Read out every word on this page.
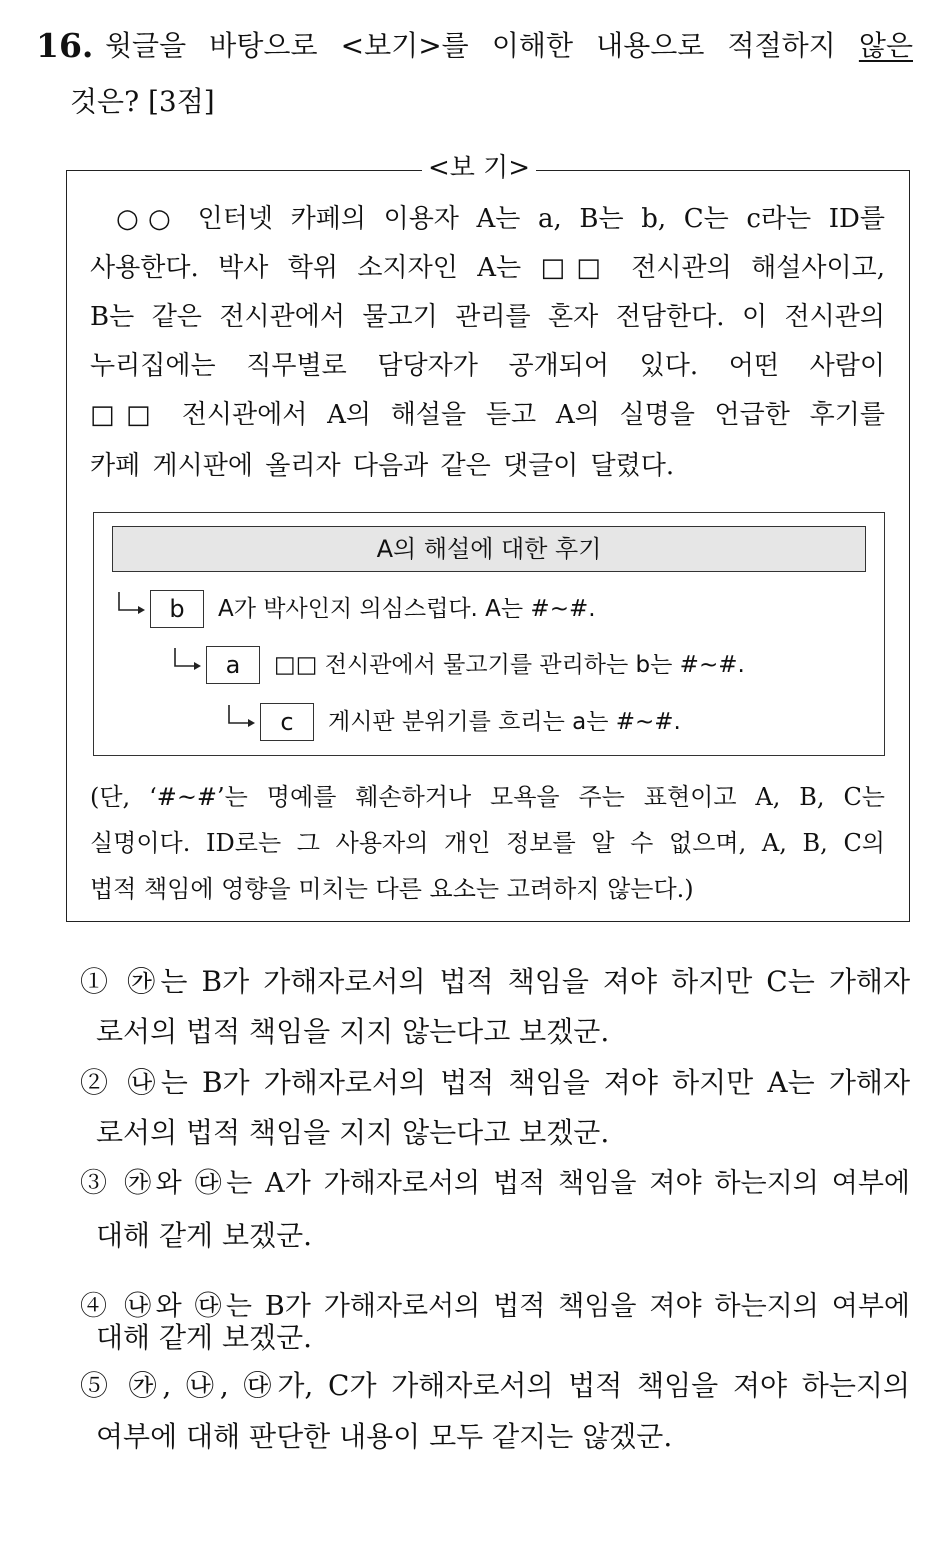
16. 윗글을 바탕으로 <보기>를 이해한 내용으로 적절하지 않은
것은? [3점]
<보 기>
○○ 인터넷 카페의 이용자 A는 a, B는 b, C는 c라는 ID를
사용한다. 박사 학위 소지자인 A는 □□ 전시관의 해설사이고,
B는 같은 전시관에서 물고기 관리를 혼자 전담한다. 이 전시관의
누리집에는 직무별로 담당자가 공개되어 있다. 어떤 사람이
□□ 전시관에서 A의 해설을 듣고 A의 실명을 언급한 후기를
카페 게시판에 올리자 다음과 같은 댓글이 달렸다.
A의 해설에 대한 후기
b	A가 박사인지 의심스럽다. A는 #~#.
a	□□ 전시관에서 물고기를 관리하는 b는 #~#.
c	게시판 분위기를 흐리는 a는 #~#.
(단, ‘#~#’는 명예를 훼손하거나 모욕을 주는 표현이고 A, B, C는
실명이다. ID로는 그 사용자의 개인 정보를 알 수 없으며, A, B, C의
법적 책임에 영향을 미치는 다른 요소는 고려하지 않는다.)
① ㉮는 B가 가해자로서의 법적 책임을 져야 하지만 C는 가해자
로서의 법적 책임을 지지 않는다고 보겠군.
② ㉯는 B가 가해자로서의 법적 책임을 져야 하지만 A는 가해자
로서의 법적 책임을 지지 않는다고 보겠군.
③ ㉮와 ㉰는 A가 가해자로서의 법적 책임을 져야 하는지의 여부에
대해 같게 보겠군.
④ ㉯와 ㉰는 B가 가해자로서의 법적 책임을 져야 하는지의 여부에
대해 같게 보겠군.
⑤ ㉮, ㉯, ㉰가, C가 가해자로서의 법적 책임을 져야 하는지의
여부에 대해 판단한 내용이 모두 같지는 않겠군.
